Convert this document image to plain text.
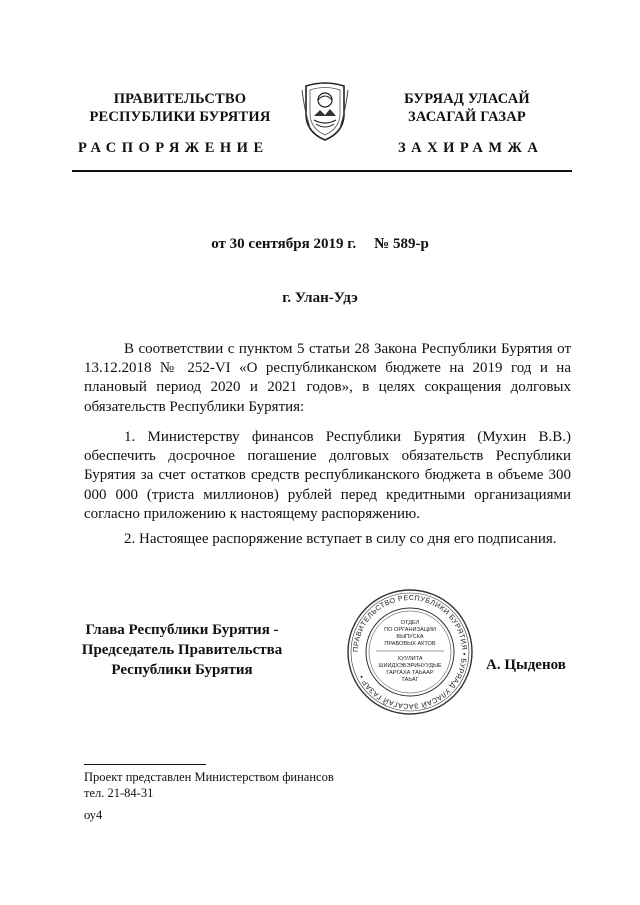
ПРАВИТЕЛЬСТВО
РЕСПУБЛИКИ БУРЯТИЯ
БУРЯАД УЛАСАЙ
ЗАСАГАЙ ГАЗАР
РАСПОРЯЖЕНИЕ	ЗАХИРАМЖА
от 30 сентября 2019 г. № 589-р
г. Улан-Удэ
В соответствии с пунктом 5 статьи 28 Закона Республики Бурятия от 13.12.2018 № 252-VI «О республиканском бюджете на 2019 год и на плановый период 2020 и 2021 годов», в целях сокращения долговых обязательств Республики Бурятия:
1. Министерству финансов Республики Бурятия (Мухин В.В.) обеспечить досрочное погашение долговых обязательств Республики Бурятия за счет остатков средств республиканского бюджета в объеме 300 000 000 (триста миллионов) рублей перед кредитными организациями согласно приложению к настоящему распоряжению.
2. Настоящее распоряжение вступает в силу со дня его подписания.
Глава Республики Бурятия -
Председатель Правительства
Республики Бурятия
ПРАВИТЕЛЬСТВО РЕСПУБЛИКИ БУРЯТИЯ • БУРЯАД УЛАСАЙ ЗАСАГАЙ ГАЗАР •
ОТДЕЛ
ПО ОРГАНИЗАЦИИ
ВЫПУСКА
ПРАВОВЫХ АКТОВ
ХУУЛИТА
ШИИДХЭБЭРИНУУДЫЕ
ГАРГАХА ТАЬААР
ТАЬАГ
А. Цыденов
Проект представлен Министерством финансов
тел. 21-84-31
оу4
